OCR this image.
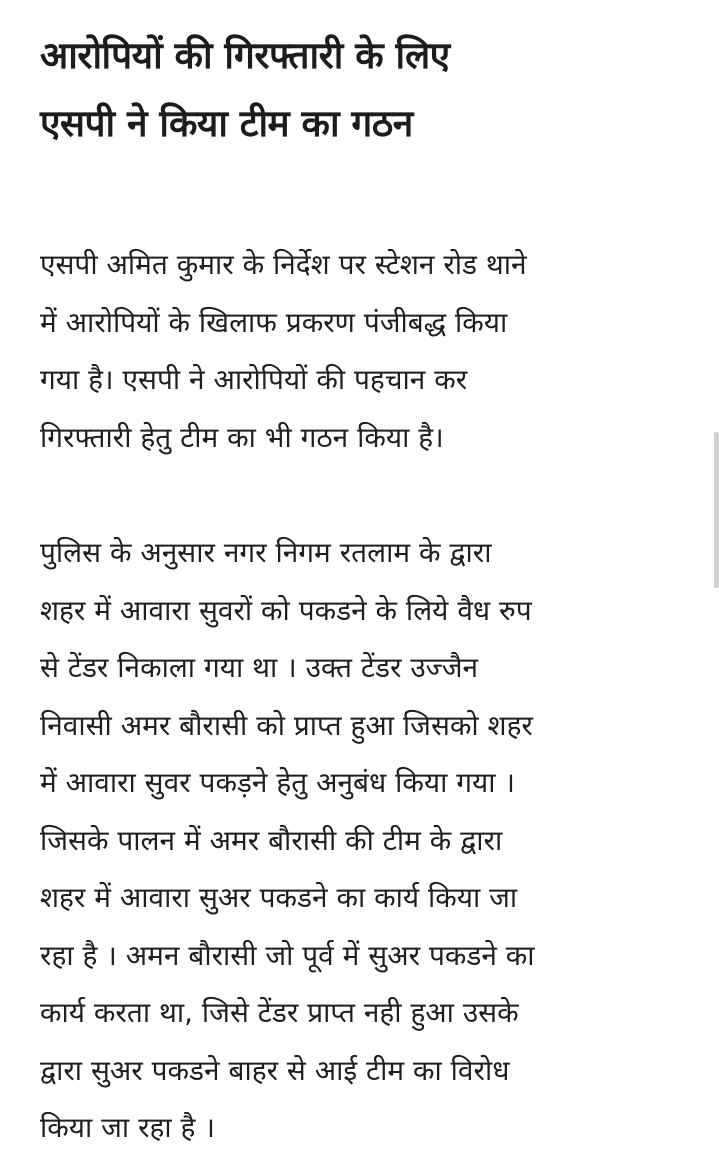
आरोपियों की गिरफ्तारी के लिए
एसपी ने किया टीम का गठन

एसपी अमित कुमार के निर्देश पर स्टेशन रोड थाने
में आरोपियों के खिलाफ प्रकरण पंजीबद्ध किया
गया है। एसपी ने आरोपियों की पहचान कर
गिरफ्तारी हेतु टीम का भी गठन किया है।

पुलिस के अनुसार नगर निगम रतलाम के द्वारा
शहर में आवारा सुवरों को पकडने के लिये वैध रुप
से टेंडर निकाला गया था । उक्त टेंडर उज्जैन
निवासी अमर बौरासी को प्राप्त हुआ जिसको शहर
में आवारा सुवर पकड़ने हेतु अनुबंध किया गया ।
जिसके पालन में अमर बौरासी की टीम के द्वारा
शहर में आवारा सुअर पकडने का कार्य किया जा
रहा है । अमन बौरासी जो पूर्व में सुअर पकडने का
कार्य करता था, जिसे टेंडर प्राप्त नही हुआ उसके
द्वारा सुअर पकडने बाहर से आई टीम का विरोध
किया जा रहा है ।
